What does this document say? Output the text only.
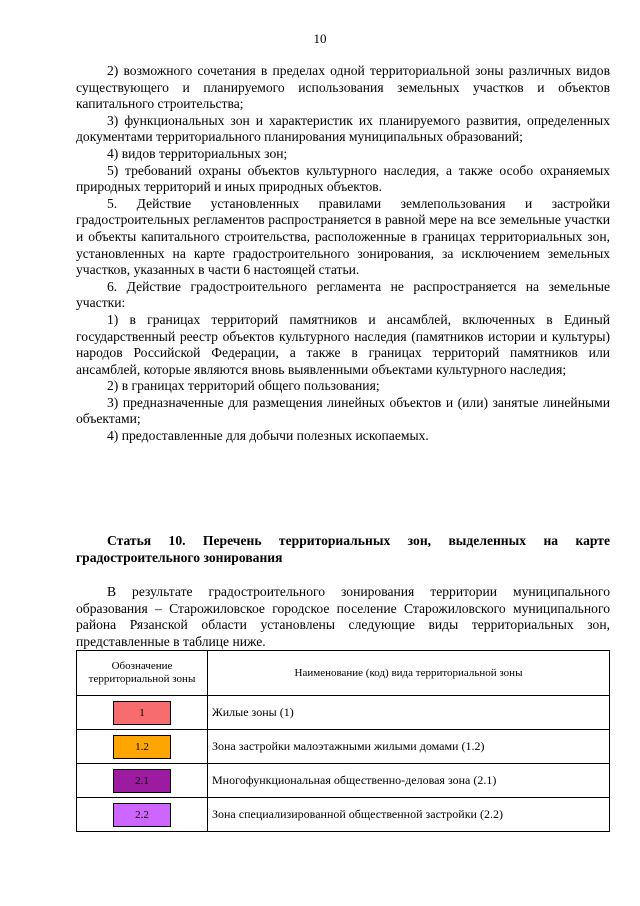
10

2) возможного сочетания в пределах одной территориальной зоны различных видов существующего и планируемого использования земельных участков и объектов капитального строительства;

3) функциональных зон и характеристик их планируемого развития, определенных документами территориального планирования муниципальных образований;

4) видов территориальных зон;

5) требований охраны объектов культурного наследия, а также особо охраняемых природных территорий и иных природных объектов.

5. Действие установленных правилами землепользования и застройки градостроительных регламентов распространяется в равной мере на все земельные участки и объекты капитального строительства, расположенные в границах территориальных зон, установленных на карте градостроительного зонирования, за исключением земельных участков, указанных в части 6 настоящей статьи.

6. Действие градостроительного регламента не распространяется на земельные участки:

1) в границах территорий памятников и ансамблей, включенных в Единый государственный реестр объектов культурного наследия (памятников истории и культуры) народов Российской Федерации, а также в границах территорий памятников или ансамблей, которые являются вновь выявленными объектами культурного наследия;

2) в границах территорий общего пользования;

3) предназначенные для размещения линейных объектов и (или) занятые линейными объектами;

4) предоставленные для добычи полезных ископаемых.

Статья 10. Перечень территориальных зон, выделенных на карте градостроительного зонирования

В результате градостроительного зонирования территории муниципального образования – Старожиловское городское поселение Старожиловского муниципального района Рязанской области установлены следующие виды территориальных зон, представленные в таблице ниже.

Обозначение территориальной зоны	Наименование (код) вида территориальной зоны
1	Жилые зоны (1)
1.2	Зона застройки малоэтажными жилыми домами (1.2)
2.1	Многофункциональная общественно-деловая зона (2.1)
2.2	Зона специализированной общественной застройки (2.2)
